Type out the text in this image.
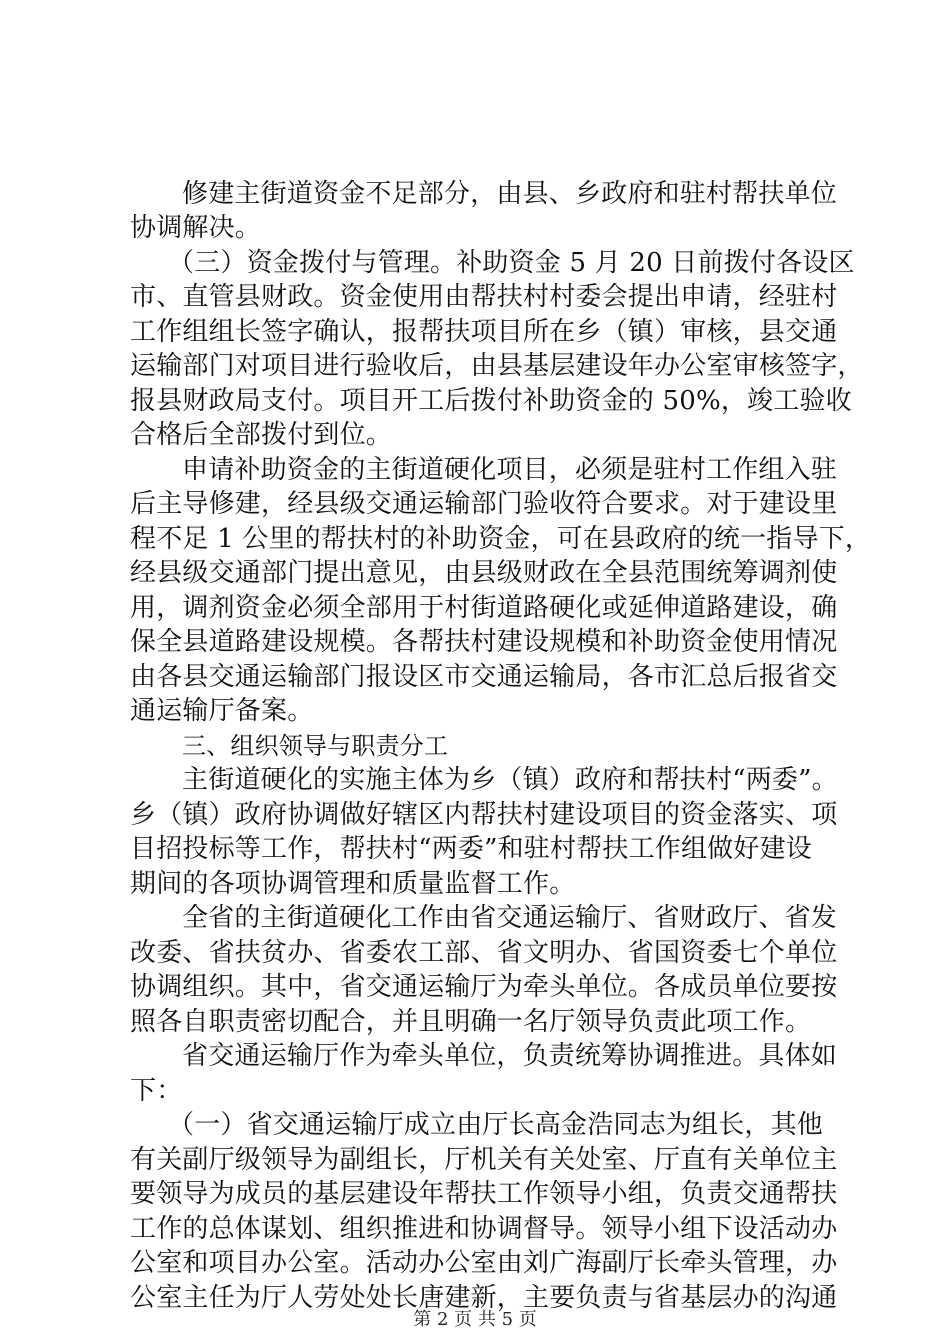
修建主街道资金不足部分，由县、乡政府和驻村帮扶单位
协调解决。
（三）资金拨付与管理。补助资金 5 月 20 日前拨付各设区
市、直管县财政。资金使用由帮扶村村委会提出申请，经驻村
工作组组长签字确认，报帮扶项目所在乡（镇）审核，县交通
运输部门对项目进行验收后，由县基层建设年办公室审核签字，
报县财政局支付。项目开工后拨付补助资金的 50%，竣工验收
合格后全部拨付到位。
申请补助资金的主街道硬化项目，必须是驻村工作组入驻
后主导修建，经县级交通运输部门验收符合要求。对于建设里
程不足 1 公里的帮扶村的补助资金，可在县政府的统一指导下，
经县级交通部门提出意见，由县级财政在全县范围统筹调剂使
用，调剂资金必须全部用于村街道路硬化或延伸道路建设，确
保全县道路建设规模。各帮扶村建设规模和补助资金使用情况
由各县交通运输部门报设区市交通运输局，各市汇总后报省交
通运输厅备案。
三、组织领导与职责分工
主街道硬化的实施主体为乡（镇）政府和帮扶村“两委”。
乡（镇）政府协调做好辖区内帮扶村建设项目的资金落实、项
目招投标等工作，帮扶村“两委”和驻村帮扶工作组做好建设
期间的各项协调管理和质量监督工作。
全省的主街道硬化工作由省交通运输厅、省财政厅、省发
改委、省扶贫办、省委农工部、省文明办、省国资委七个单位
协调组织。其中，省交通运输厅为牵头单位。各成员单位要按
照各自职责密切配合，并且明确一名厅领导负责此项工作。
省交通运输厅作为牵头单位，负责统筹协调推进。具体如
下：
（一）省交通运输厅成立由厅长高金浩同志为组长，其他
有关副厅级领导为副组长，厅机关有关处室、厅直有关单位主
要领导为成员的基层建设年帮扶工作领导小组，负责交通帮扶
工作的总体谋划、组织推进和协调督导。领导小组下设活动办
公室和项目办公室。活动办公室由刘广海副厅长牵头管理，办
公室主任为厅人劳处处长唐建新，主要负责与省基层办的沟通
第 2 页 共 5 页
